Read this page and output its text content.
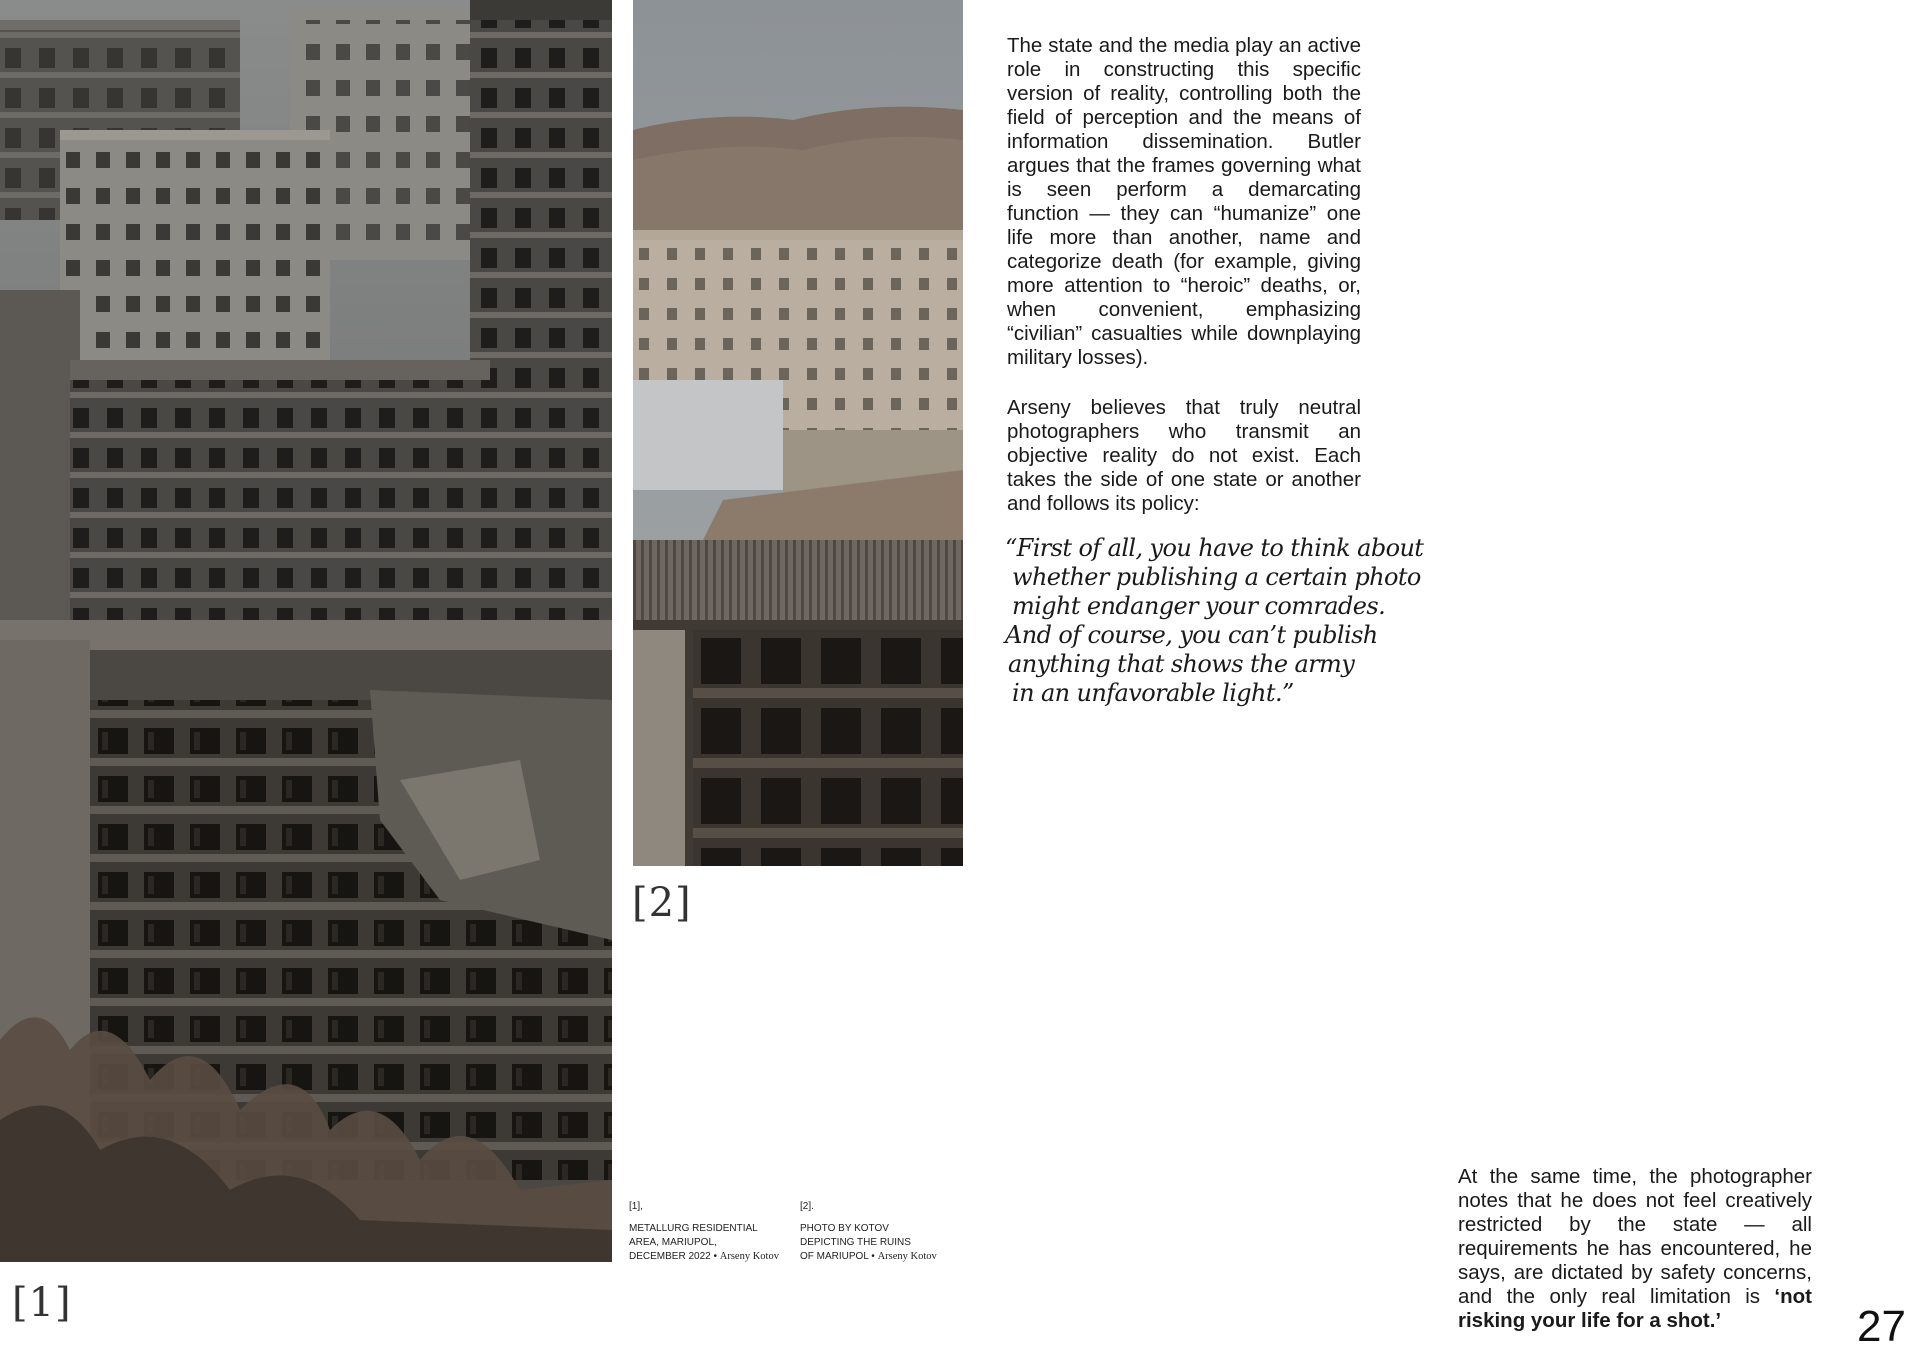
[1]
[2]

The state and the media play an active role in constructing this specific version of reality, controlling both the field of perception and the means of information dissemination. Butler argues that the frames governing what is seen perform a demarcating function — they can “humanize” one life more than another, name and categorize death (for example, giving more attention to “heroic” deaths, or, when convenient, emphasizing “civilian” casualties while downplaying military losses).

Arseny believes that truly neutral photographers who transmit an objective reality do not exist. Each takes the side of one state or another and follows its policy:

“First of all, you have to think about
whether publishing a certain photo
might endanger your comrades.
And of course, you can’t publish
anything that shows the army
in an unfavorable light.”

At the same time, the photographer notes that he does not feel creatively restricted by the state — all requirements he has encountered, he says, are dictated by safety concerns, and the only real limitation is ‘not risking your life for a shot.’

[1],
METALLURG RESIDENTIAL
AREA, MARIUPOL,
DECEMBER 2022 • Arseny Kotov
[2].
PHOTO BY KOTOV
DEPICTING THE RUINS
OF MARIUPOL • Arseny Kotov
27
